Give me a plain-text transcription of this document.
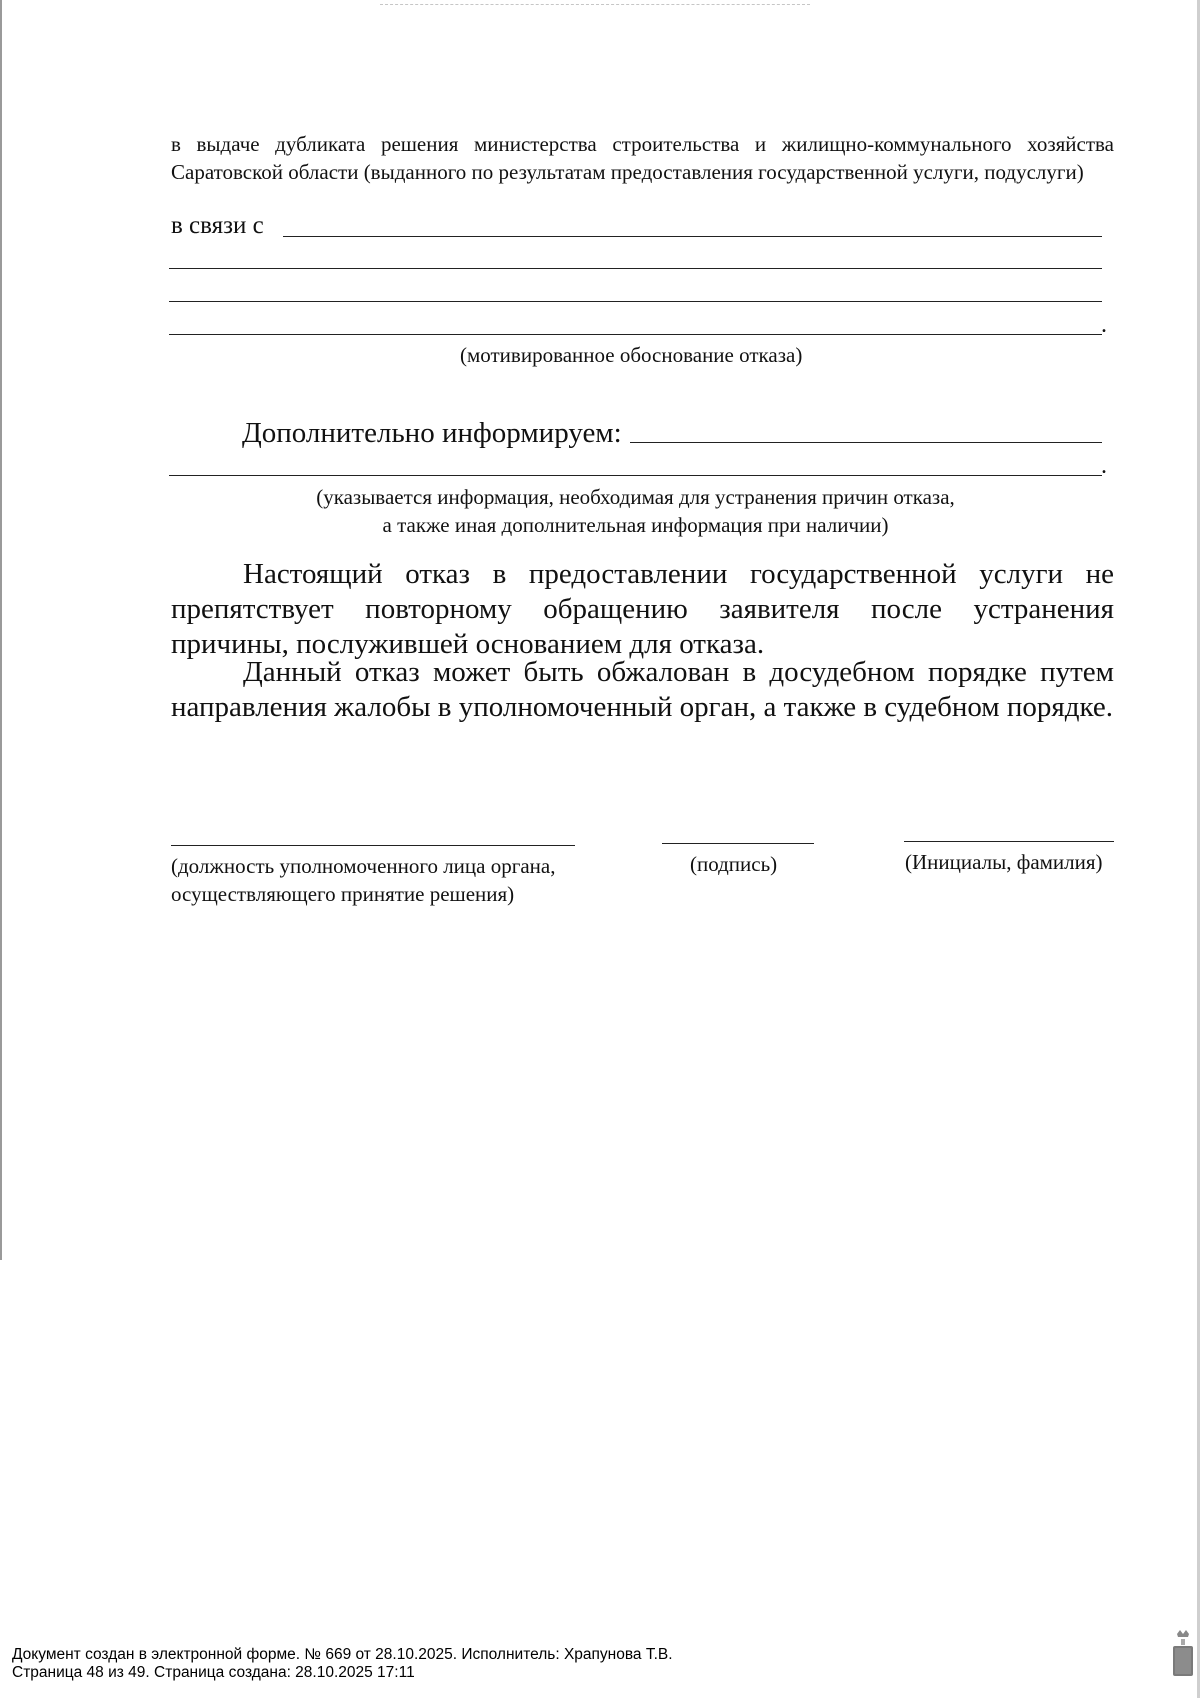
в выдаче дубликата решения министерства строительства и жилищно-коммунального хозяйства Саратовской области (выданного по результатам предоставления государственной услуги, подуслуги)
в связи с
.
(мотивированное обоснование отказа)
Дополнительно информируем:
.
(указывается информация, необходимая для устранения причин отказа,
а также иная дополнительная информация при наличии)
Настоящий отказ в предоставлении государственной услуги не препятствует повторному обращению заявителя после устранения причины, послужившей основанием для отказа.
Данный отказ может быть обжалован в досудебном порядке путем направления жалобы в уполномоченный орган, а также в судебном порядке.
(должность уполномоченного лица органа,
осуществляющего принятие решения)
(подпись)	(Инициалы, фамилия)
Документ создан в электронной форме. № 669 от 28.10.2025. Исполнитель: Храпунова Т.В.
Страница 48 из 49. Страница создана: 28.10.2025 17:11
